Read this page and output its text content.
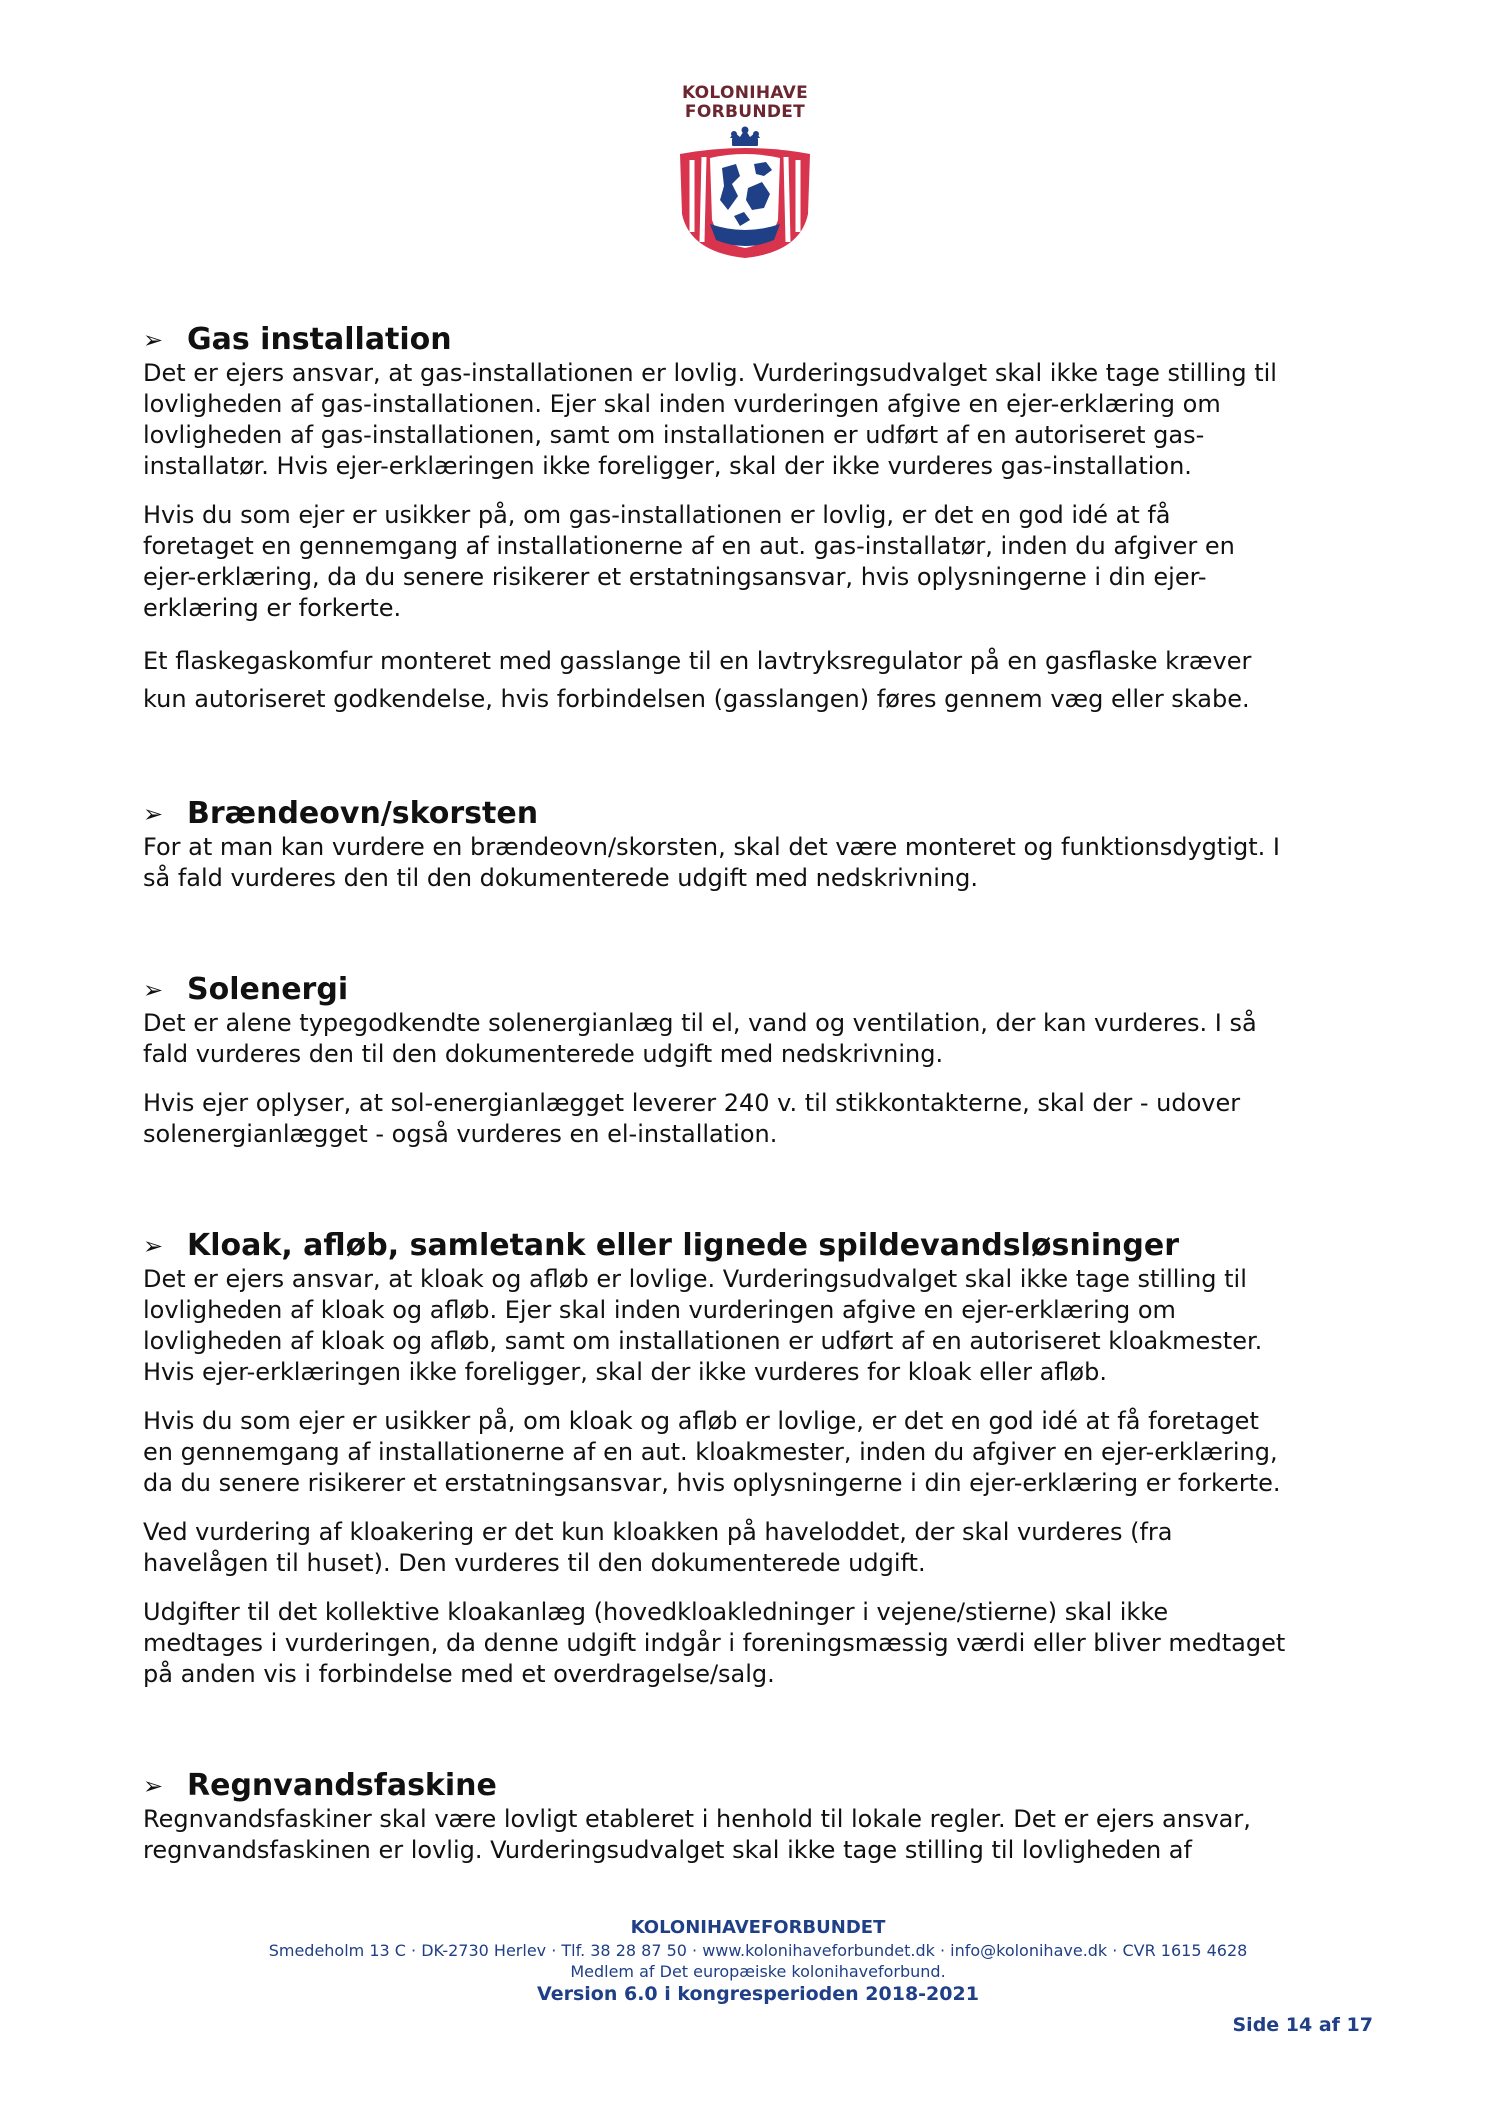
KOLONIHAVE
FORBUNDET
➢ Gas installation

Det er ejers ansvar, at gas-installationen er lovlig. Vurderingsudvalget skal ikke tage stilling til
lovligheden af gas-installationen. Ejer skal inden vurderingen afgive en ejer-erklæring om
lovligheden af gas-installationen, samt om installationen er udført af en autoriseret gas-
installatør. Hvis ejer-erklæringen ikke foreligger, skal der ikke vurderes gas-installation.

Hvis du som ejer er usikker på, om gas-installationen er lovlig, er det en god idé at få
foretaget en gennemgang af installationerne af en aut. gas-installatør, inden du afgiver en
ejer-erklæring, da du senere risikerer et erstatningsansvar, hvis oplysningerne i din ejer-
erklæring er forkerte.

Et flaskegaskomfur monteret med gasslange til en lavtryksregulator på en gasflaske kræver
kun autoriseret godkendelse, hvis forbindelsen (gasslangen) føres gennem væg eller skabe.

➢ Brændeovn/skorsten

For at man kan vurdere en brændeovn/skorsten, skal det være monteret og funktionsdygtigt. I
så fald vurderes den til den dokumenterede udgift med nedskrivning.

➢ Solenergi

Det er alene typegodkendte solenergianlæg til el, vand og ventilation, der kan vurderes. I så
fald vurderes den til den dokumenterede udgift med nedskrivning.

Hvis ejer oplyser, at sol-energianlægget leverer 240 v. til stikkontakterne, skal der - udover
solenergianlægget - også vurderes en el-installation.

➢ Kloak, afløb, samletank eller lignede spildevandsløsninger

Det er ejers ansvar, at kloak og afløb er lovlige. Vurderingsudvalget skal ikke tage stilling til
lovligheden af kloak og afløb. Ejer skal inden vurderingen afgive en ejer-erklæring om
lovligheden af kloak og afløb, samt om installationen er udført af en autoriseret kloakmester.
Hvis ejer-erklæringen ikke foreligger, skal der ikke vurderes for kloak eller afløb.

Hvis du som ejer er usikker på, om kloak og afløb er lovlige, er det en god idé at få foretaget
en gennemgang af installationerne af en aut. kloakmester, inden du afgiver en ejer-erklæring,
da du senere risikerer et erstatningsansvar, hvis oplysningerne i din ejer-erklæring er forkerte.

Ved vurdering af kloakering er det kun kloakken på haveloddet, der skal vurderes (fra
havelågen til huset). Den vurderes til den dokumenterede udgift.

Udgifter til det kollektive kloakanlæg (hovedkloakledninger i vejene/stierne) skal ikke
medtages i vurderingen, da denne udgift indgår i foreningsmæssig værdi eller bliver medtaget
på anden vis i forbindelse med et overdragelse/salg.

➢ Regnvandsfaskine

Regnvandsfaskiner skal være lovligt etableret i henhold til lokale regler. Det er ejers ansvar,
regnvandsfaskinen er lovlig. Vurderingsudvalget skal ikke tage stilling til lovligheden af

KOLONIHAVEFORBUNDET
Smedeholm 13 C · DK-2730 Herlev · Tlf. 38 28 87 50 · www.kolonihaveforbundet.dk · info@kolonihave.dk · CVR 1615 4628
Medlem af Det europæiske kolonihaveforbund.
Version 6.0 i kongresperioden 2018-2021
Side 14 af 17
